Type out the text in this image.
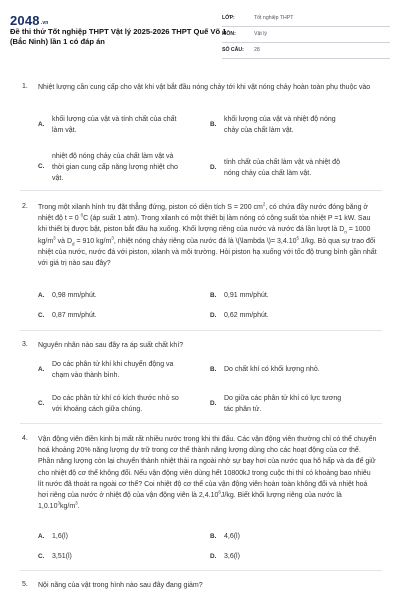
2048.vn
Đề thi thử Tốt nghiệp THPT Vật lý 2025-2026 THPT Quế Võ 1 (Bắc Ninh) lần 1 có đáp án
LỚP:	Tốt nghiệp THPT
MÔN:	Vật lý
SỐ CÂU:	28
1. Nhiệt lượng cần cung cấp cho vật khi vật bắt đầu nóng chảy tới khi vật nóng chảy hoàn toàn phụ thuộc vào
A.
khối lượng của vật và tính chất của chất làm vật.
B.
khối lượng của vật và nhiệt độ nóng chảy của chất làm vật.
C.
nhiệt độ nóng chảy của chất làm vật và thời gian cung cấp năng lượng nhiệt cho vật.
D.
tính chất của chất làm vật và nhiệt độ nóng chảy của chất làm vật.
2. Trong một xilanh hình trụ đặt thẳng đứng, piston có diện tích S = 200 $cm^2$, có chứa đầy nước đóng băng ở nhiệt độ t = 0 $^0$C (áp suất 1 atm). Trong xilanh có một thiết bị làm nóng có công suất tỏa nhiệt P =1 kW. Sau khi thiết bị được bật, piston bắt đầu hạ xuống. Khối lượng riêng của nước và nước đá lần lượt là $D_n = 1000$ $kg/m^3$ và $D_d = 910$ $kg/m^3$, nhiệt nóng chảy riêng của nước đá là \(\lambda \)= $3,4.10^5$ J/kg. Bỏ qua sự trao đổi nhiệt của nước, nước đá với piston, xilanh và môi trường. Hỏi piston hạ xuống với tốc độ trung bình gần nhất với giá trị nào sau đây?
A. 0,98 mm/phút.	B. 0,91 mm/phút.
C. 0,87 mm/phút.	D. 0,62 mm/phút.
3. Nguyên nhân nào sau đây ra áp suất chất khí?
A.
Do các phân tử khí khi chuyển động va chạm vào thành bình.
B. Do chất khí có khối lượng nhỏ.
C.
Do các phân tử khí có kích thước nhỏ so với khoảng cách giữa chúng.
D.
Do giữa các phân tử khí có lực tương tác phân tử.
4. Vận động viên điền kinh bị mất rất nhiều nước trong khi thi đấu. Các vận động viên thường chỉ có thể chuyển hoá khoảng 20% năng lượng dự trữ trong cơ thể thành năng lượng dùng cho các hoạt động của cơ thể. Phần năng lượng còn lại chuyển thành nhiệt thải ra ngoài nhờ sự bay hơi của nước qua hô hấp và da để giữ cho nhiệt độ cơ thể không đổi. Nếu vận động viên dùng hết 10800kJ trong cuộc thi thì có khoảng bao nhiêu lít nước đã thoát ra ngoài cơ thể? Coi nhiệt độ cơ thể của vận động viên hoàn toàn không đổi và nhiệt hoá hơi riêng của nước ở nhiệt độ của vận động viên là 2,4.10$^6$J/kg. Biết khối lượng riêng của nước là $1,0.10^3kg/m^3$.
A. 1,6(l)	B. 4,6(l)
C. 3,51(l)	D. 3,6(l)
5. Nội năng của vật trong hình nào sau đây đang giảm?
